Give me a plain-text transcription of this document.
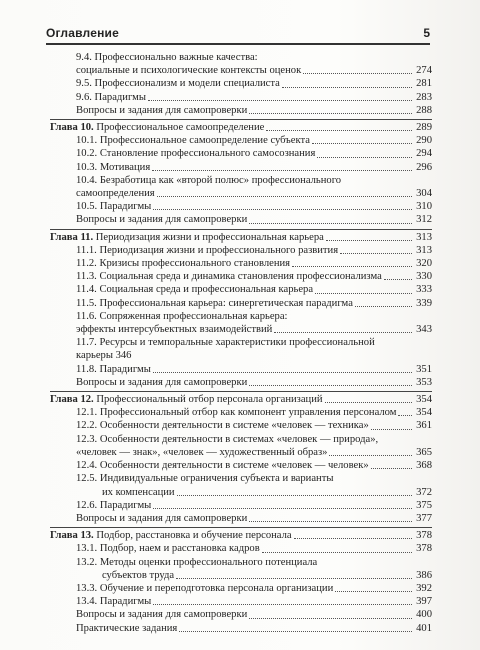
Оглавление	5
9.4. Профессионально важные качества:
социальные и психологические контексты оценок	274
9.5. Профессионализм и модели специалиста	281
9.6. Парадигмы	283
Вопросы и задания для самопроверки	288
Глава 10. Профессиональное самоопределение	289
10.1. Профессиональное самоопределение субъекта	290
10.2. Становление профессионального самосознания	294
10.3. Мотивация	296
10.4. Безработица как «второй полюс» профессионального
самоопределения	304
10.5. Парадигмы	310
Вопросы и задания для самопроверки	312
Глава 11. Периодизация жизни и профессиональная карьера	313
11.1. Периодизация жизни и профессионального развития	313
11.2. Кризисы профессионального становления	320
11.3. Социальная среда и динамика становления профессионализма	330
11.4. Социальная среда и профессиональная карьера	333
11.5. Профессиональная карьера: синергетическая парадигма	339
11.6. Сопряженная профессиональная карьера:
эффекты интерсубъектных взаимодействий	343
11.7. Ресурсы и темпоральные характеристики профессиональной
карьеры 346
11.8. Парадигмы	351
Вопросы и задания для самопроверки	353
Глава 12. Профессиональный отбор персонала организаций	354
12.1. Профессиональный отбор как компонент управления персоналом 354
12.2. Особенности деятельности в системе «человек — техника»	361
12.3. Особенности деятельности в системах «человек — природа»,
«человек — знак», «человек — художественный образ»	365
12.4. Особенности деятельности в системе «человек — человек»	368
12.5. Индивидуальные ограничения субъекта и варианты
их компенсации	372
12.6. Парадигмы	375
Вопросы и задания для самопроверки	377
Глава 13. Подбор, расстановка и обучение персонала	378
13.1. Подбор, наем и расстановка кадров	378
13.2. Методы оценки профессионального потенциала
субъектов труда	386
13.3. Обучение и переподготовка персонала организации	392
13.4. Парадигмы	397
Вопросы и задания для самопроверки	400
Практические задания	401
